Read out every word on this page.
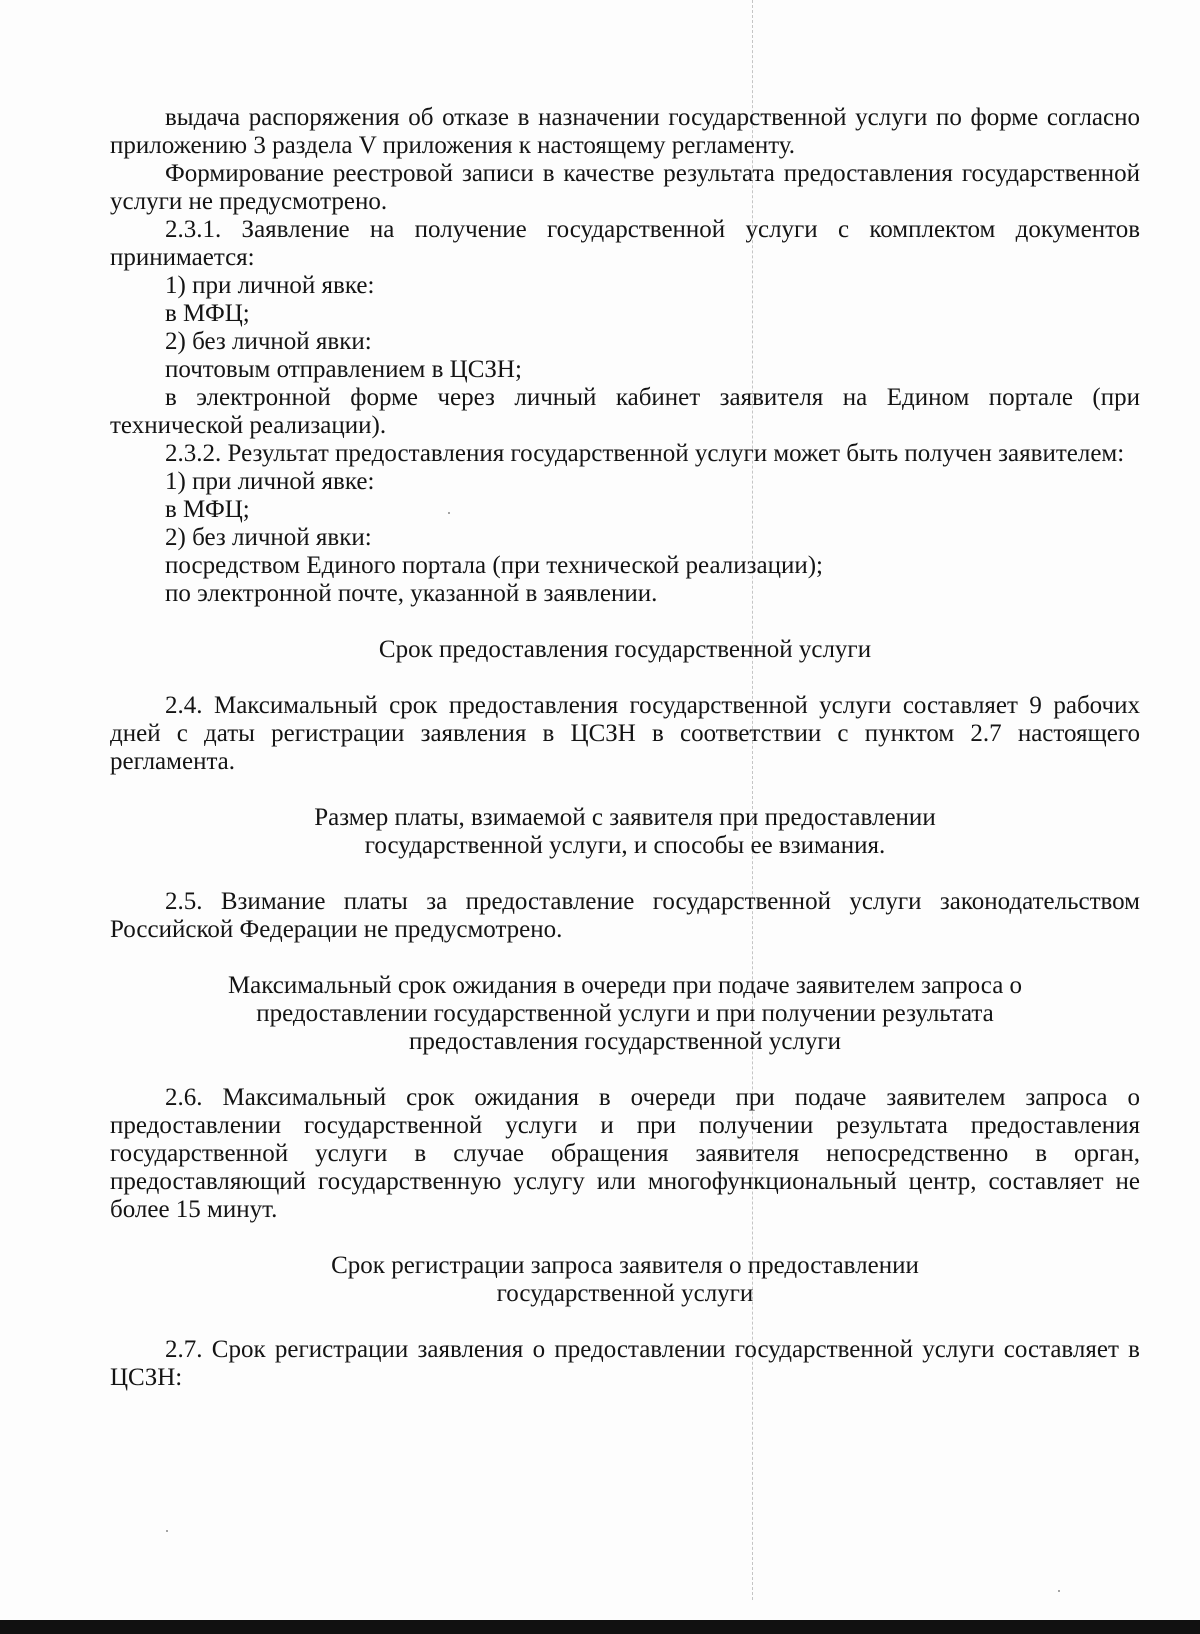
выдача распоряжения об отказе в назначении государственной услуги по форме согласно приложению 3 раздела V приложения к настоящему регламенту.

Формирование реестровой записи в качестве результата предоставления государственной услуги не предусмотрено.

2.3.1. Заявление на получение государственной услуги с комплектом документов принимается:

1) при личной явке:

в МФЦ;

2) без личной явки:

почтовым отправлением в ЦСЗН;

в электронной форме через личный кабинет заявителя на Едином портале (при технической реализации).

2.3.2. Результат предоставления государственной услуги может быть получен заявителем:

1) при личной явке:

в МФЦ;

2) без личной явки:

посредством Единого портала (при технической реализации);

по электронной почте, указанной в заявлении.

Срок предоставления государственной услуги

2.4. Максимальный срок предоставления государственной услуги составляет 9 рабочих дней с даты регистрации заявления в ЦСЗН в соответствии с пунктом 2.7 настоящего регламента.

Размер платы, взимаемой с заявителя при предоставлении
государственной услуги, и способы ее взимания.

2.5. Взимание платы за предоставление государственной услуги законодательством Российской Федерации не предусмотрено.

Максимальный срок ожидания в очереди при подаче заявителем запроса о
предоставлении государственной услуги и при получении результата
предоставления государственной услуги

2.6. Максимальный срок ожидания в очереди при подаче заявителем запроса о предоставлении государственной услуги и при получении результата предоставления государственной услуги в случае обращения заявителя непосредственно в орган, предоставляющий государственную услугу или многофункциональный центр, составляет не более 15 минут.

Срок регистрации запроса заявителя о предоставлении
государственной услуги

2.7. Срок регистрации заявления о предоставлении государственной услуги составляет в ЦСЗН:
